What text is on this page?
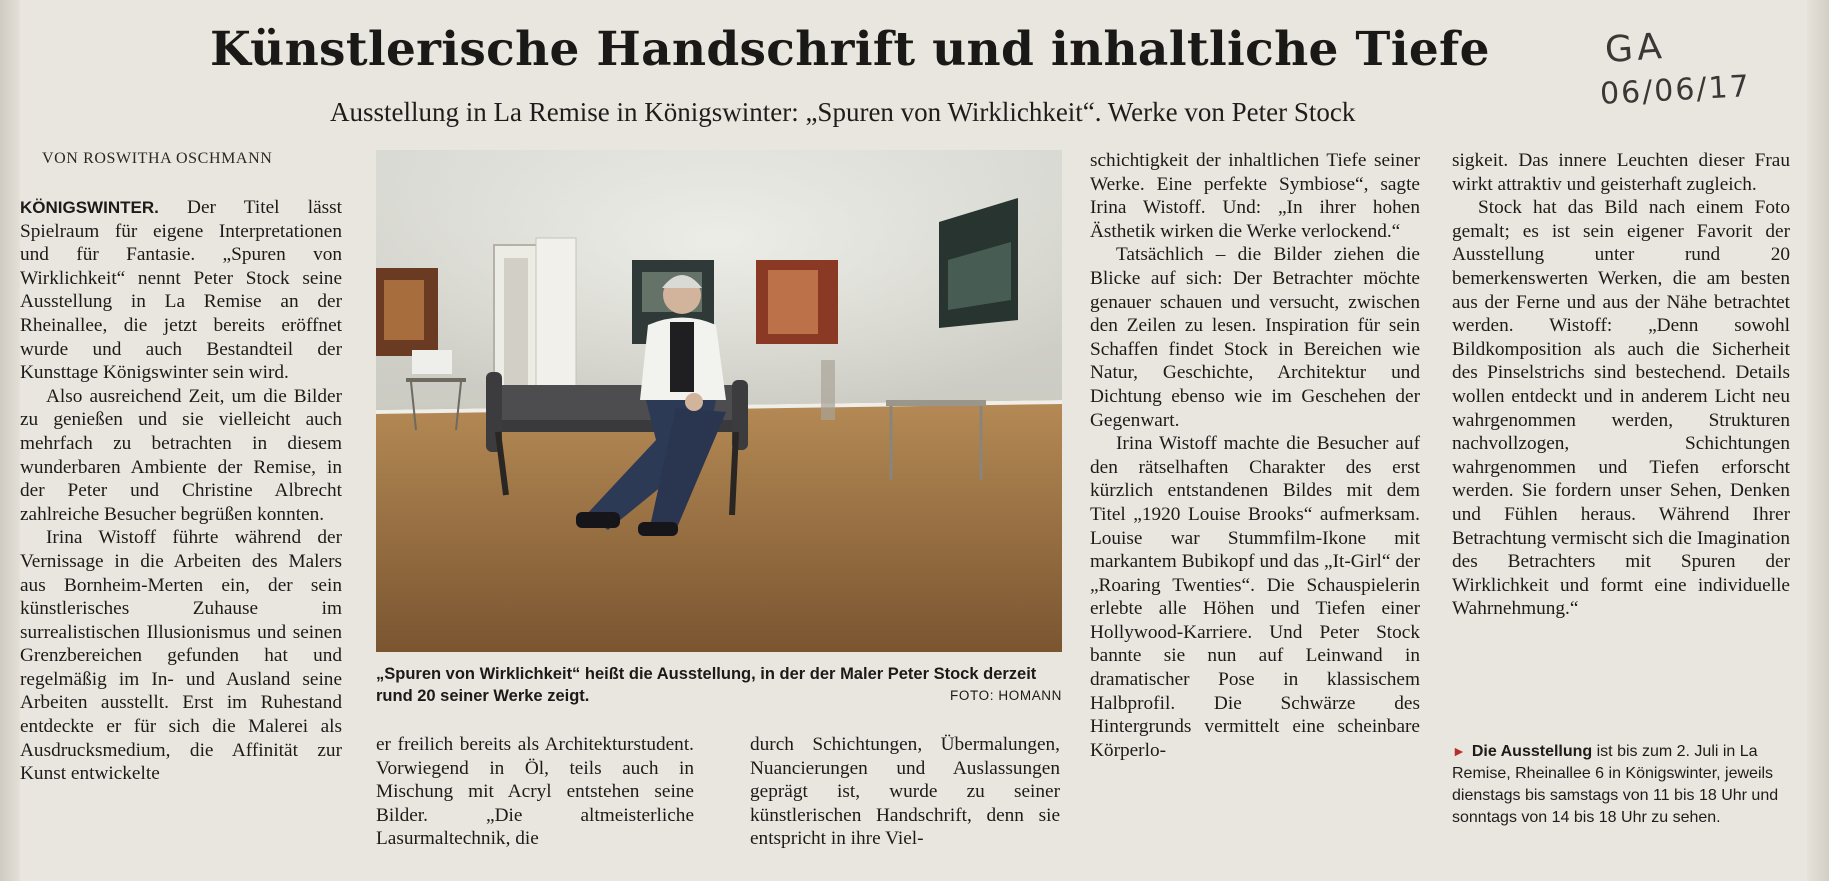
Künstlerische Handschrift und inhaltliche Tiefe	GA
06/06/17
Ausstellung in La Remise in Königswinter: „Spuren von Wirklichkeit“. Werke von Peter Stock
VON ROSWITHA OSCHMANN

KÖNIGSWINTER. Der Titel lässt Spielraum für eigene Interpretationen und für Fantasie. „Spuren von Wirklichkeit“ nennt Peter Stock seine Ausstellung in La Remise an der Rheinallee, die jetzt bereits eröffnet wurde und auch Bestandteil der Kunsttage Königswinter sein wird.

Also ausreichend Zeit, um die Bilder zu genießen und sie vielleicht auch mehrfach zu betrachten in diesem wunderbaren Ambiente der Remise, in der Peter und Christine Albrecht zahlreiche Besucher begrüßen konnten.

Irina Wistoff führte während der Vernissage in die Arbeiten des Malers aus Bornheim-Merten ein, der sein künstlerisches Zuhause im surrealistischen Illusionismus und seinen Grenzbereichen gefunden hat und regelmäßig im In- und Ausland seine Arbeiten ausstellt. Erst im Ruhestand entdeckte er für sich die Malerei als Ausdrucksmedium, die Affinität zur Kunst entwickelte

„Spuren von Wirklichkeit“ heißt die Ausstellung, in der der Maler Peter Stock derzeit rund 20 seiner Werke zeigt.	FOTO: HOMANN

er freilich bereits als Architekturstudent. Vorwiegend in Öl, teils auch in Mischung mit Acryl entstehen seine Bilder. „Die altmeisterliche Lasurmaltechnik, die

durch Schichtungen, Übermalungen, Nuancierungen und Auslassungen geprägt ist, wurde zu seiner künstlerischen Handschrift, denn sie entspricht in ihre Viel-

schichtigkeit der inhaltlichen Tiefe seiner Werke. Eine perfekte Symbiose“, sagte Irina Wistoff. Und: „In ihrer hohen Ästhetik wirken die Werke verlockend.“

Tatsächlich – die Bilder ziehen die Blicke auf sich: Der Betrachter möchte genauer schauen und versucht, zwischen den Zeilen zu lesen. Inspiration für sein Schaffen findet Stock in Bereichen wie Natur, Geschichte, Architektur und Dichtung ebenso wie im Geschehen der Gegenwart.

Irina Wistoff machte die Besucher auf den rätselhaften Charakter des erst kürzlich entstandenen Bildes mit dem Titel „1920 Louise Brooks“ aufmerksam. Louise war Stummfilm-Ikone mit markantem Bubikopf und das „It-Girl“ der „Roaring Twenties“. Die Schauspielerin erlebte alle Höhen und Tiefen einer Hollywood-Karriere. Und Peter Stock bannte sie nun auf Leinwand in dramatischer Pose in klassischem Halbprofil. Die Schwärze des Hintergrunds vermittelt eine scheinbare Körperlo-

sigkeit. Das innere Leuchten dieser Frau wirkt attraktiv und geisterhaft zugleich.

Stock hat das Bild nach einem Foto gemalt; es ist sein eigener Favorit der Ausstellung unter rund 20 bemerkenswerten Werken, die am besten aus der Ferne und aus der Nähe betrachtet werden. Wistoff: „Denn sowohl Bildkomposition als auch die Sicherheit des Pinselstrichs sind bestechend. Details wollen entdeckt und in anderem Licht neu wahrgenommen werden, Strukturen nachvollzogen, Schichtungen wahrgenommen und Tiefen erforscht werden. Sie fordern unser Sehen, Denken und Fühlen heraus. Während Ihrer Betrachtung vermischt sich die Imagination des Betrachters mit Spuren der Wirklichkeit und formt eine individuelle Wahrnehmung.“

► Die Ausstellung ist bis zum 2. Juli in La Remise, Rheinallee 6 in Königswinter, jeweils dienstags bis samstags von 11 bis 18 Uhr und sonntags von 14 bis 18 Uhr zu sehen.
